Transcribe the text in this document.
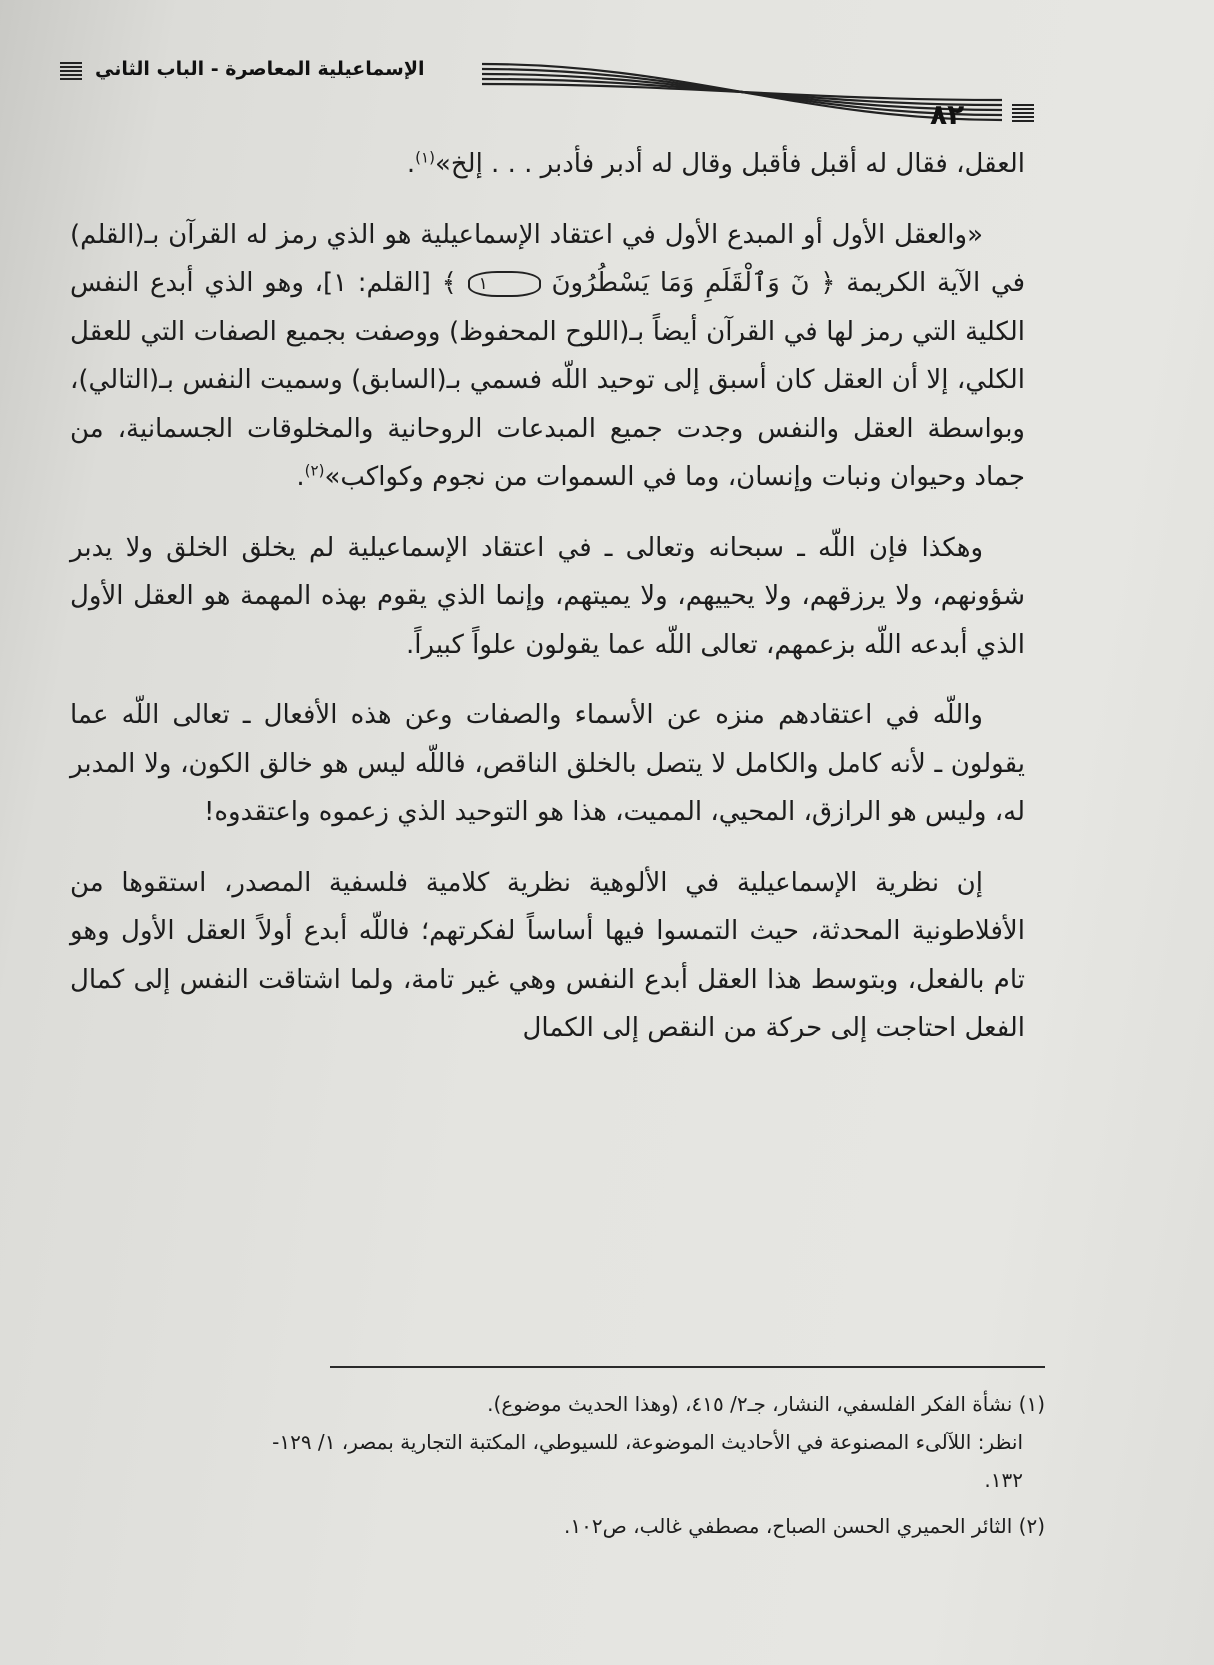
الإسماعيلية المعاصرة - الباب الثاني
٨٢

العقل، فقال له أقبل فأقبل وقال له أدبر فأدبر . . . إلخ»$^{(١)}$.

«والعقل الأول أو المبدع الأول في اعتقاد الإسماعيلية هو الذي رمز له القرآن بـ(القلم) في الآية الكريمة ﴿ نٓ وَٱلْقَلَمِ وَمَا يَسْطُرُونَ ١ ﴾ [القلم: ١]، وهو الذي أبدع النفس الكلية التي رمز لها في القرآن أيضاً بـ(اللوح المحفوظ) ووصفت بجميع الصفات التي للعقل الكلي، إلا أن العقل كان أسبق إلى توحيد اللّه فسمي بـ(السابق) وسميت النفس بـ(التالي)، وبواسطة العقل والنفس وجدت جميع المبدعات الروحانية والمخلوقات الجسمانية، من جماد وحيوان ونبات وإنسان، وما في السموات من نجوم وكواكب»$^{(٢)}$.

وهكذا فإن اللّه ـ سبحانه وتعالى ـ في اعتقاد الإسماعيلية لم يخلق الخلق ولا يدبر شؤونهم، ولا يرزقهم، ولا يحييهم، ولا يميتهم، وإنما الذي يقوم بهذه المهمة هو العقل الأول الذي أبدعه اللّه بزعمهم، تعالى اللّه عما يقولون علواً كبيراً.

واللّه في اعتقادهم منزه عن الأسماء والصفات وعن هذه الأفعال ـ تعالى اللّه عما يقولون ـ لأنه كامل والكامل لا يتصل بالخلق الناقص، فاللّه ليس هو خالق الكون، ولا المدبر له، وليس هو الرازق، المحيي، المميت، هذا هو التوحيد الذي زعموه واعتقدوه!

إن نظرية الإسماعيلية في الألوهية نظرية كلامية فلسفية المصدر، استقوها من الأفلاطونية المحدثة، حيث التمسوا فيها أساساً لفكرتهم؛ فاللّه أبدع أولاً العقل الأول وهو تام بالفعل، وبتوسط هذا العقل أبدع النفس وهي غير تامة، ولما اشتاقت النفس إلى كمال الفعل احتاجت إلى حركة من النقص إلى الكمال

(١) نشأة الفكر الفلسفي، النشار، جـ٢/ ٤١٥، (وهذا الحديث موضوع).

انظر: اللآلىء المصنوعة في الأحاديث الموضوعة، للسيوطي، المكتبة التجارية بمصر، ١/ ١٢٩-

١٣٢.

(٢) الثائر الحميري الحسن الصباح، مصطفي غالب، ص١٠٢.
